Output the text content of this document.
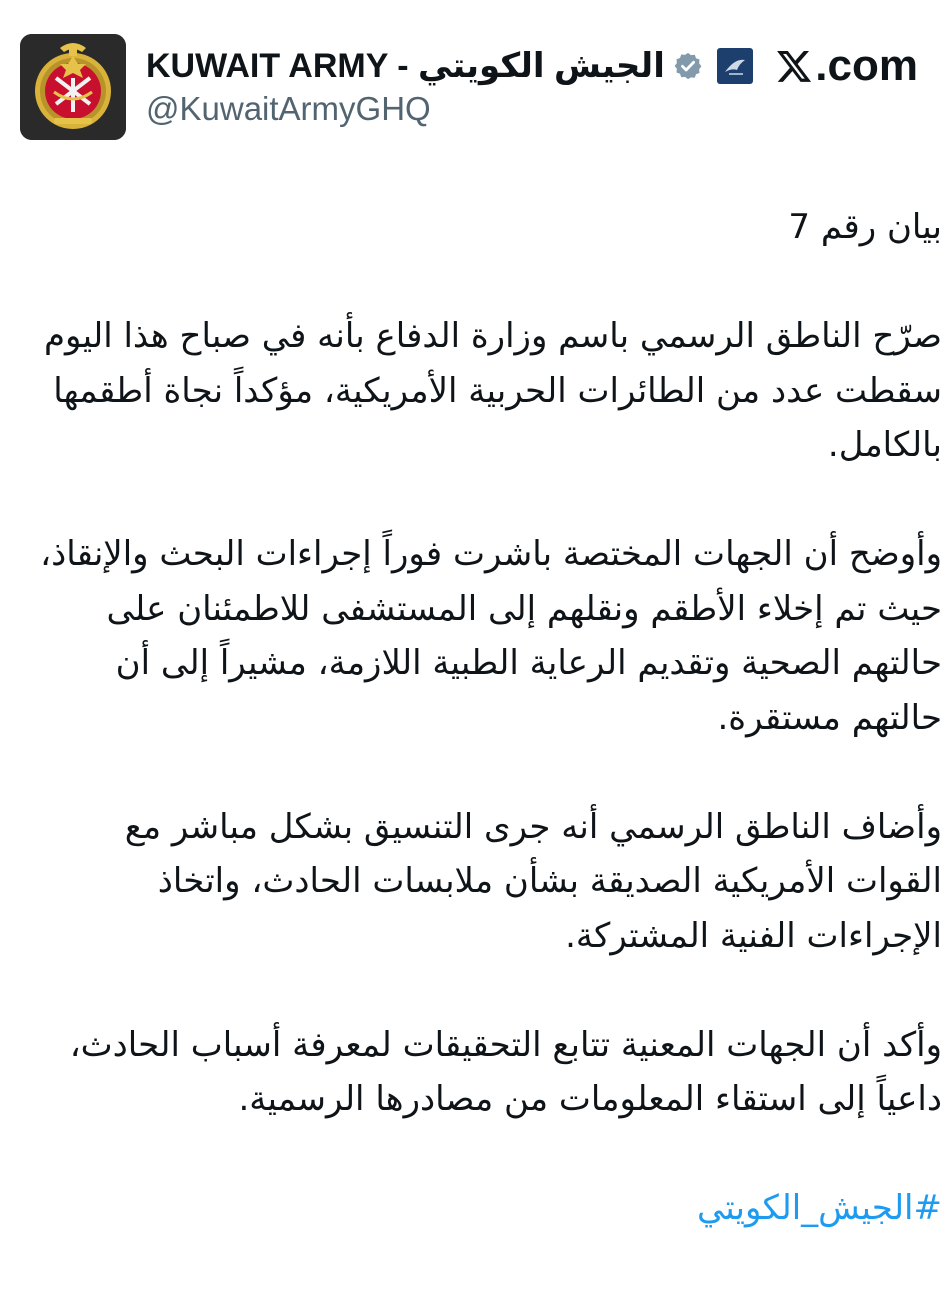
KUWAIT ARMY - الجيش الكويتي
@KuwaitArmyGHQ
.com

بيان رقم 7

صرّح الناطق الرسمي باسم وزارة الدفاع بأنه في صباح هذا اليوم سقطت عدد من الطائرات الحربية الأمريكية، مؤكداً نجاة أطقمها بالكامل.

وأوضح أن الجهات المختصة باشرت فوراً إجراءات البحث والإنقاذ، حيث تم إخلاء الأطقم ونقلهم إلى المستشفى للاطمئنان على حالتهم الصحية وتقديم الرعاية الطبية اللازمة، مشيراً إلى أن حالتهم مستقرة.

وأضاف الناطق الرسمي أنه جرى التنسيق بشكل مباشر مع القوات الأمريكية الصديقة بشأن ملابسات الحادث، واتخاذ الإجراءات الفنية المشتركة.

وأكد أن الجهات المعنية تتابع التحقيقات لمعرفة أسباب الحادث، داعياً إلى استقاء المعلومات من مصادرها الرسمية.

#الجيش_الكويتي
